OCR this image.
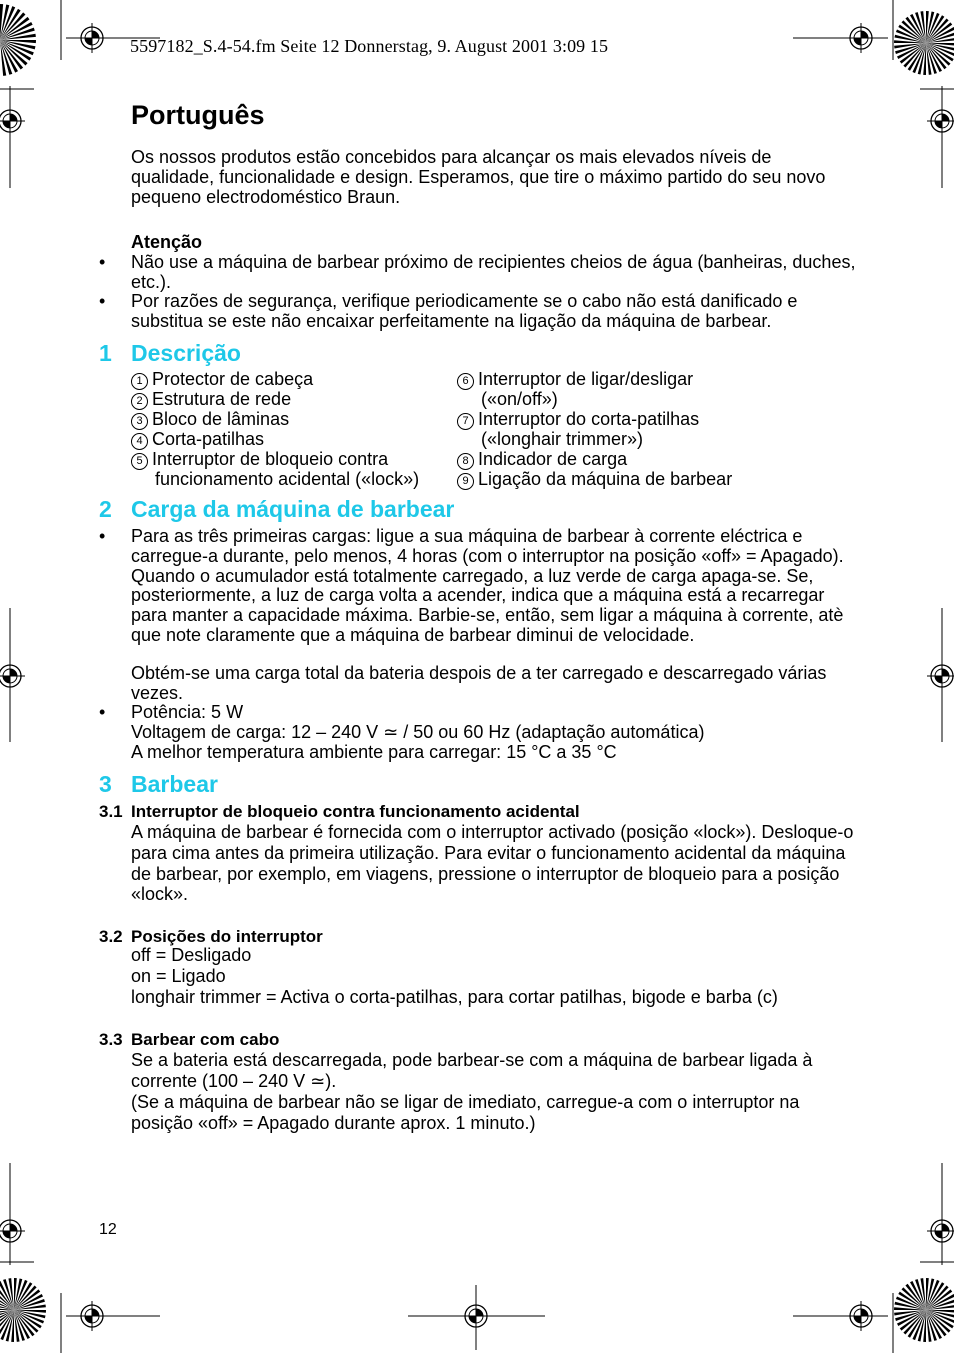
5597182_S.4-54.fm Seite 12 Donnerstag, 9. August 2001 3:09 15
Português
Os nossos produtos estão concebidos para alcançar os mais elevados níveis de qualidade, funcionalidade e design. Esperamos, que tire o máximo partido do seu novo pequeno electrodoméstico Braun.
Atenção
• Não use a máquina de barbear próximo de recipientes cheios de água (banheiras, duches, etc.).
• Por razões de segurança, verifique periodicamente se o cabo não está danificado e substitua se este não encaixar perfeitamente na ligação da máquina de barbear.
1 Descrição
1 Protector de cabeça
2 Estrutura de rede
3 Bloco de lâminas
4 Corta-patilhas
5 Interruptor de bloqueio contra
funcionamento acidental («lock»)
6 Interruptor de ligar/desligar
(«on/off»)
7 Interruptor do corta-patilhas
(«longhair trimmer»)
8 Indicador de carga
9 Ligação da máquina de barbear
2 Carga da máquina de barbear
• Para as três primeiras cargas: ligue a sua máquina de barbear à corrente eléctrica e carregue-a durante, pelo menos, 4 horas (com o interruptor na posição «off» = Apagado). Quando o acumulador está totalmente carregado, a luz verde de carga apaga-se. Se, posteriormente, a luz de carga volta a acender, indica que a máquina está a recarregar para manter a capacidade máxima. Barbie-se, então, sem ligar a máquina à corrente, atè que note claramente que a máquina de barbear diminui de velocidade.
Obtém-se uma carga total da bateria despois de a ter carregado e descarregado várias vezes.
• Potência: 5 W
Voltagem de carga: 12 – 240 V ≃ / 50 ou 60 Hz (adaptação automática)
A melhor temperatura ambiente para carregar: 15 °C a 35 °C
3 Barbear
3.1 Interruptor de bloqueio contra funcionamento acidental
A máquina de barbear é fornecida com o interruptor activado (posição «lock»). Desloque-o para cima antes da primeira utilização. Para evitar o funcionamento acidental da máquina de barbear, por exemplo, em viagens, pressione o interruptor de bloqueio para a posição «lock».
3.2 Posições do interruptor
off = Desligado
on = Ligado
longhair trimmer = Activa o corta-patilhas, para cortar patilhas, bigode e barba (c)
3.3 Barbear com cabo
Se a bateria está descarregada, pode barbear-se com a máquina de barbear ligada à corrente (100 – 240 V ≃).
(Se a máquina de barbear não se ligar de imediato, carregue-a com o interruptor na posição «off» = Apagado durante aprox. 1 minuto.)
12
